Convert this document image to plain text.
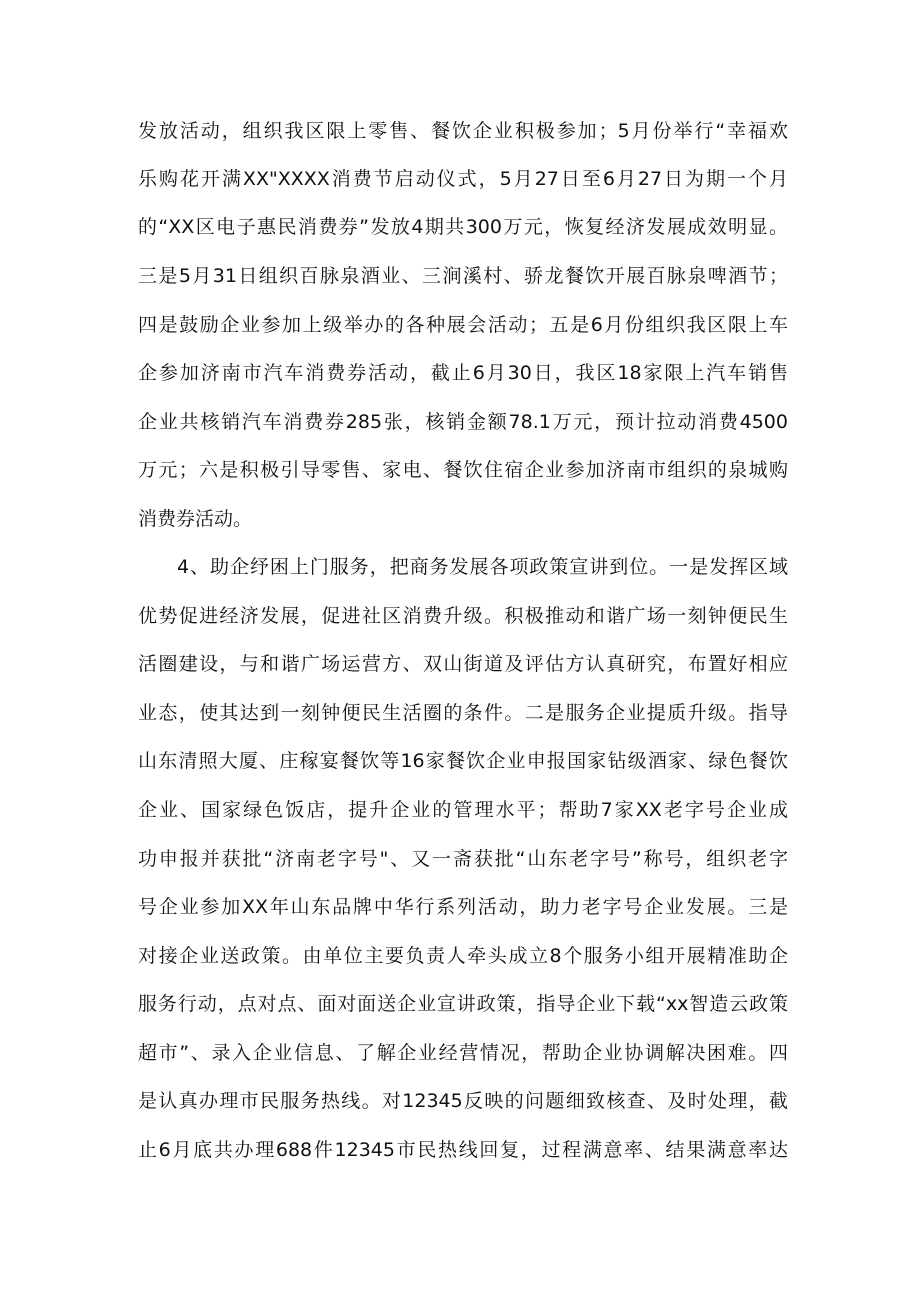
发放活动，组织我区限上零售、餐饮企业积极参加；5月份举行“幸福欢
乐购花开满XX"XXXX消费节启动仪式，5月27日至6月27日为期一个月
的“XX区电子惠民消费券”发放4期共300万元，恢复经济发展成效明显。
三是5月31日组织百脉泉酒业、三涧溪村、骄龙餐饮开展百脉泉啤酒节；
四是鼓励企业参加上级举办的各种展会活动；五是6月份组织我区限上车
企参加济南市汽车消费券活动，截止6月30日，我区18家限上汽车销售
企业共核销汽车消费券285张，核销金额78.1万元，预计拉动消费4500
万元；六是积极引导零售、家电、餐饮住宿企业参加济南市组织的泉城购
消费券活动。
4、助企纾困上门服务，把商务发展各项政策宣讲到位。一是发挥区域
优势促进经济发展，促进社区消费升级。积极推动和谐广场一刻钟便民生
活圈建设，与和谐广场运营方、双山街道及评估方认真研究，布置好相应
业态，使其达到一刻钟便民生活圈的条件。二是服务企业提质升级。指导
山东清照大厦、庄稼宴餐饮等16家餐饮企业申报国家钻级酒家、绿色餐饮
企业、国家绿色饭店，提升企业的管理水平；帮助7家XX老字号企业成
功申报并获批“济南老字号"、又一斋获批“山东老字号”称号，组织老字
号企业参加XX年山东品牌中华行系列活动，助力老字号企业发展。三是
对接企业送政策。由单位主要负责人牵头成立8个服务小组开展精准助企
服务行动，点对点、面对面送企业宣讲政策，指导企业下载“xx智造云政策
超市”、录入企业信息、了解企业经营情况，帮助企业协调解决困难。四
是认真办理市民服务热线。对12345反映的问题细致核查、及时处理，截
止6月底共办理688件12345市民热线回复，过程满意率、结果满意率达
